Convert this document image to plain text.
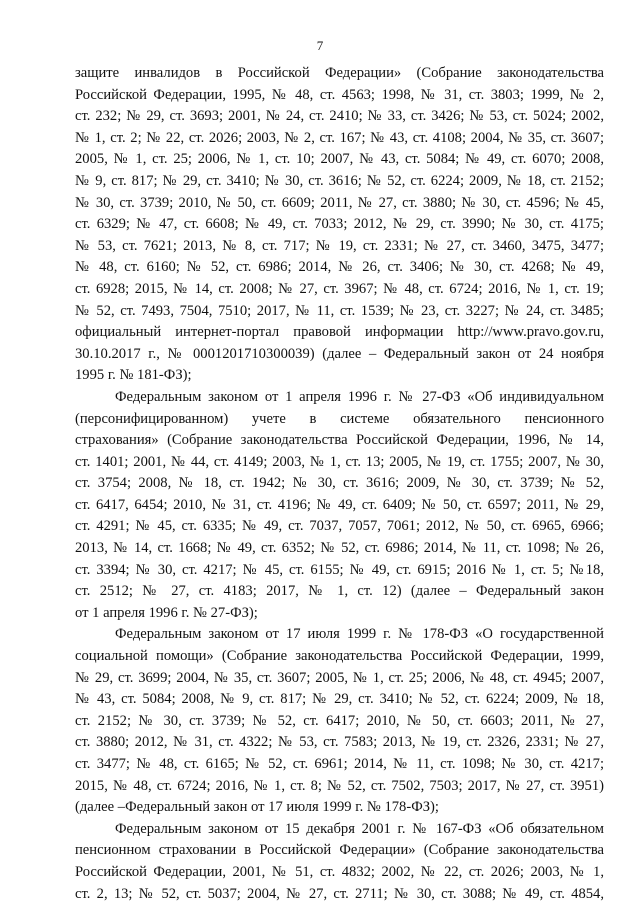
7
защите инвалидов в Российской Федерации» (Собрание законодательства
Российской Федерации, 1995, № 48, ст. 4563; 1998, № 31, ст. 3803; 1999, № 2,
ст. 232; № 29, ст. 3693; 2001, № 24, ст. 2410; № 33, ст. 3426; № 53, ст. 5024; 2002,
№ 1, ст. 2; № 22, ст. 2026; 2003, № 2, ст. 167; № 43, ст. 4108; 2004, № 35, ст. 3607;
2005, № 1, ст. 25; 2006, № 1, ст. 10; 2007, № 43, ст. 5084; № 49, ст. 6070; 2008,
№ 9, ст. 817; № 29, ст. 3410; № 30, ст. 3616; № 52, ст. 6224; 2009, № 18, ст. 2152;
№ 30, ст. 3739; 2010, № 50, ст. 6609; 2011, № 27, ст. 3880; № 30, ст. 4596; № 45,
ст. 6329; № 47, ст. 6608; № 49, ст. 7033; 2012, № 29, ст. 3990; № 30, ст. 4175;
№ 53, ст. 7621; 2013, № 8, ст. 717; № 19, ст. 2331; № 27, ст. 3460, 3475, 3477;
№ 48, ст. 6160; № 52, ст. 6986; 2014, № 26, ст. 3406; № 30, ст. 4268; № 49,
ст. 6928; 2015, № 14, ст. 2008; № 27, ст. 3967; № 48, ст. 6724; 2016, № 1, ст. 19;
№ 52, ст. 7493, 7504, 7510; 2017, № 11, ст. 1539; № 23, ст. 3227; № 24, ст. 3485;
официальный интернет-портал правовой информации http://www.pravo.gov.ru,
30.10.2017 г., № 0001201710300039) (далее – Федеральный закон от 24 ноября
1995 г. № 181-ФЗ);
Федеральным законом от 1 апреля 1996 г. № 27-ФЗ «Об индивидуальном
(персонифицированном) учете в системе обязательного пенсионного
страхования» (Собрание законодательства Российской Федерации, 1996, № 14,
ст. 1401; 2001, № 44, ст. 4149; 2003, № 1, ст. 13; 2005, № 19, ст. 1755; 2007, № 30,
ст. 3754; 2008, № 18, ст. 1942; № 30, ст. 3616; 2009, № 30, ст. 3739; № 52,
ст. 6417, 6454; 2010, № 31, ст. 4196; № 49, ст. 6409; № 50, ст. 6597; 2011, № 29,
ст. 4291; № 45, ст. 6335; № 49, ст. 7037, 7057, 7061; 2012, № 50, ст. 6965, 6966;
2013, № 14, ст. 1668; № 49, ст. 6352; № 52, ст. 6986; 2014, № 11, ст. 1098; № 26,
ст. 3394; № 30, ст. 4217; № 45, ст. 6155; № 49, ст. 6915; 2016 № 1, ст. 5; №18,
ст. 2512; № 27, ст. 4183; 2017, № 1, ст. 12) (далее – Федеральный закон
от 1 апреля 1996 г. № 27-ФЗ);
Федеральным законом от 17 июля 1999 г. № 178-ФЗ «О государственной
социальной помощи» (Собрание законодательства Российской Федерации, 1999,
№ 29, ст. 3699; 2004, № 35, ст. 3607; 2005, № 1, ст. 25; 2006, № 48, ст. 4945; 2007,
№ 43, ст. 5084; 2008, № 9, ст. 817; № 29, ст. 3410; № 52, ст. 6224; 2009, № 18,
ст. 2152; № 30, ст. 3739; № 52, ст. 6417; 2010, № 50, ст. 6603; 2011, № 27,
ст. 3880; 2012, № 31, ст. 4322; № 53, ст. 7583; 2013, № 19, ст. 2326, 2331; № 27,
ст. 3477; № 48, ст. 6165; № 52, ст. 6961; 2014, № 11, ст. 1098; № 30, ст. 4217;
2015, № 48, ст. 6724; 2016, № 1, ст. 8; № 52, ст. 7502, 7503; 2017, № 27, ст. 3951)
(далее –Федеральный закон от 17 июля 1999 г. № 178-ФЗ);
Федеральным законом от 15 декабря 2001 г. № 167-ФЗ «Об обязательном
пенсионном страховании в Российской Федерации» (Собрание законодательства
Российской Федерации, 2001, № 51, ст. 4832; 2002, № 22, ст. 2026; 2003, № 1,
ст. 2, 13; № 52, ст. 5037; 2004, № 27, ст. 2711; № 30, ст. 3088; № 49, ст. 4854,
